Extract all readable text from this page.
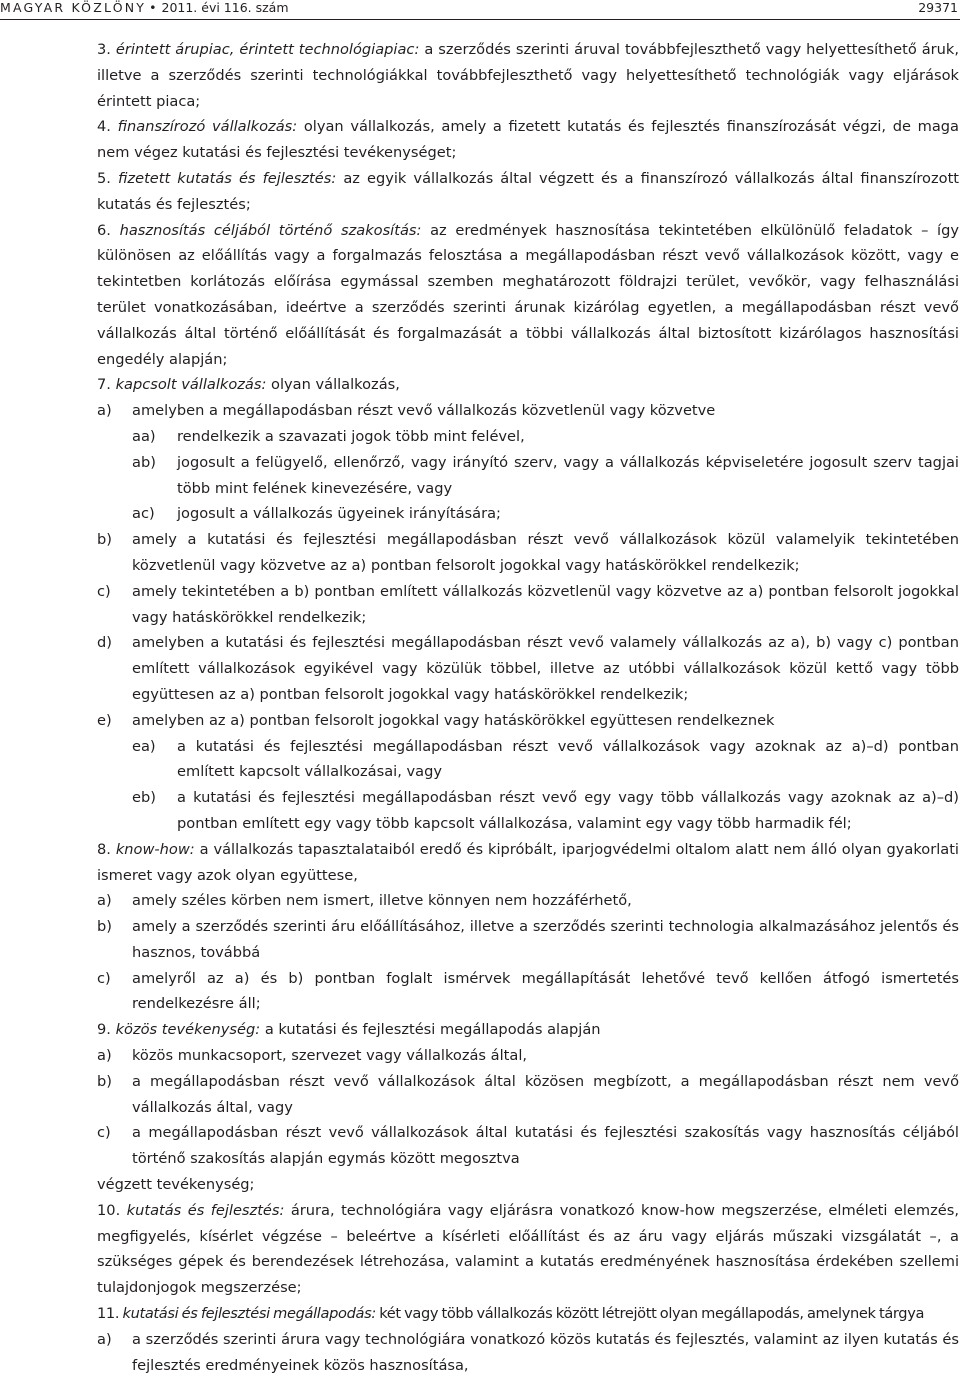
MAGYAR KÖZLÖNY • 2011. évi 116. szám	29371

3. érintett árupiac, érintett technológiapiac: a szerződés szerinti áruval továbbfejleszthető vagy helyettesíthető áruk, illetve a szerződés szerinti technológiákkal továbbfejleszthető vagy helyettesíthető technológiák vagy eljárások érintett piaca;

4. finanszírozó vállalkozás: olyan vállalkozás, amely a fizetett kutatás és fejlesztés finanszírozását végzi, de maga nem végez kutatási és fejlesztési tevékenységet;

5. fizetett kutatás és fejlesztés: az egyik vállalkozás által végzett és a finanszírozó vállalkozás által finanszírozott kutatás és fejlesztés;

6. hasznosítás céljából történő szakosítás: az eredmények hasznosítása tekintetében elkülönülő feladatok – így különösen az előállítás vagy a forgalmazás felosztása a megállapodásban részt vevő vállalkozások között, vagy e tekintetben korlátozás előírása egymással szemben meghatározott földrajzi terület, vevőkör, vagy felhasználási terület vonatkozásában, ideértve a szerződés szerinti árunak kizárólag egyetlen, a megállapodásban részt vevő vállalkozás által történő előállítását és forgalmazását a többi vállalkozás által biztosított kizárólagos hasznosítási engedély alapján;

7. kapcsolt vállalkozás: olyan vállalkozás,

a) amelyben a megállapodásban részt vevő vállalkozás közvetlenül vagy közvetve
aa) rendelkezik a szavazati jogok több mint felével,
ab) jogosult a felügyelő, ellenőrző, vagy irányító szerv, vagy a vállalkozás képviseletére jogosult szerv tagjai több mint felének kinevezésére, vagy
ac) jogosult a vállalkozás ügyeinek irányítására;
b) amely a kutatási és fejlesztési megállapodásban részt vevő vállalkozások közül valamelyik tekintetében közvetlenül vagy közvetve az a) pontban felsorolt jogokkal vagy hatáskörökkel rendelkezik;
c) amely tekintetében a b) pontban említett vállalkozás közvetlenül vagy közvetve az a) pontban felsorolt jogokkal vagy hatáskörökkel rendelkezik;
d) amelyben a kutatási és fejlesztési megállapodásban részt vevő valamely vállalkozás az a), b) vagy c) pontban említett vállalkozások egyikével vagy közülük többel, illetve az utóbbi vállalkozások közül kettő vagy több együttesen az a) pontban felsorolt jogokkal vagy hatáskörökkel rendelkezik;
e) amelyben az a) pontban felsorolt jogokkal vagy hatáskörökkel együttesen rendelkeznek
ea) a kutatási és fejlesztési megállapodásban részt vevő vállalkozások vagy azoknak az a)–d) pontban említett kapcsolt vállalkozásai, vagy
eb) a kutatási és fejlesztési megállapodásban részt vevő egy vagy több vállalkozás vagy azoknak az a)–d) pontban említett egy vagy több kapcsolt vállalkozása, valamint egy vagy több harmadik fél;

8. know-how: a vállalkozás tapasztalataiból eredő és kipróbált, iparjogvédelmi oltalom alatt nem álló olyan gyakorlati ismeret vagy azok olyan együttese,

a) amely széles körben nem ismert, illetve könnyen nem hozzáférhető,
b) amely a szerződés szerinti áru előállításához, illetve a szerződés szerinti technologia alkalmazásához jelentős és hasznos, továbbá
c) amelyről az a) és b) pontban foglalt ismérvek megállapítását lehetővé tevő kellően átfogó ismertetés rendelkezésre áll;

9. közös tevékenység: a kutatási és fejlesztési megállapodás alapján

a) közös munkacsoport, szervezet vagy vállalkozás által,
b) a megállapodásban részt vevő vállalkozások által közösen megbízott, a megállapodásban részt nem vevő vállalkozás által, vagy
c) a megállapodásban részt vevő vállalkozások által kutatási és fejlesztési szakosítás vagy hasznosítás céljából történő szakosítás alapján egymás között megosztva

végzett tevékenység;

10. kutatás és fejlesztés: árura, technológiára vagy eljárásra vonatkozó know-how megszerzése, elméleti elemzés, megfigyelés, kísérlet végzése – beleértve a kísérleti előállítást és az áru vagy eljárás műszaki vizsgálatát –, a szükséges gépek és berendezések létrehozása, valamint a kutatás eredményének hasznosítása érdekében szellemi tulajdonjogok megszerzése;

11. kutatási és fejlesztési megállapodás: két vagy több vállalkozás között létrejött olyan megállapodás, amelynek tárgya

a) a szerződés szerinti árura vagy technológiára vonatkozó közös kutatás és fejlesztés, valamint az ilyen kutatás és fejlesztés eredményeinek közös hasznosítása,
